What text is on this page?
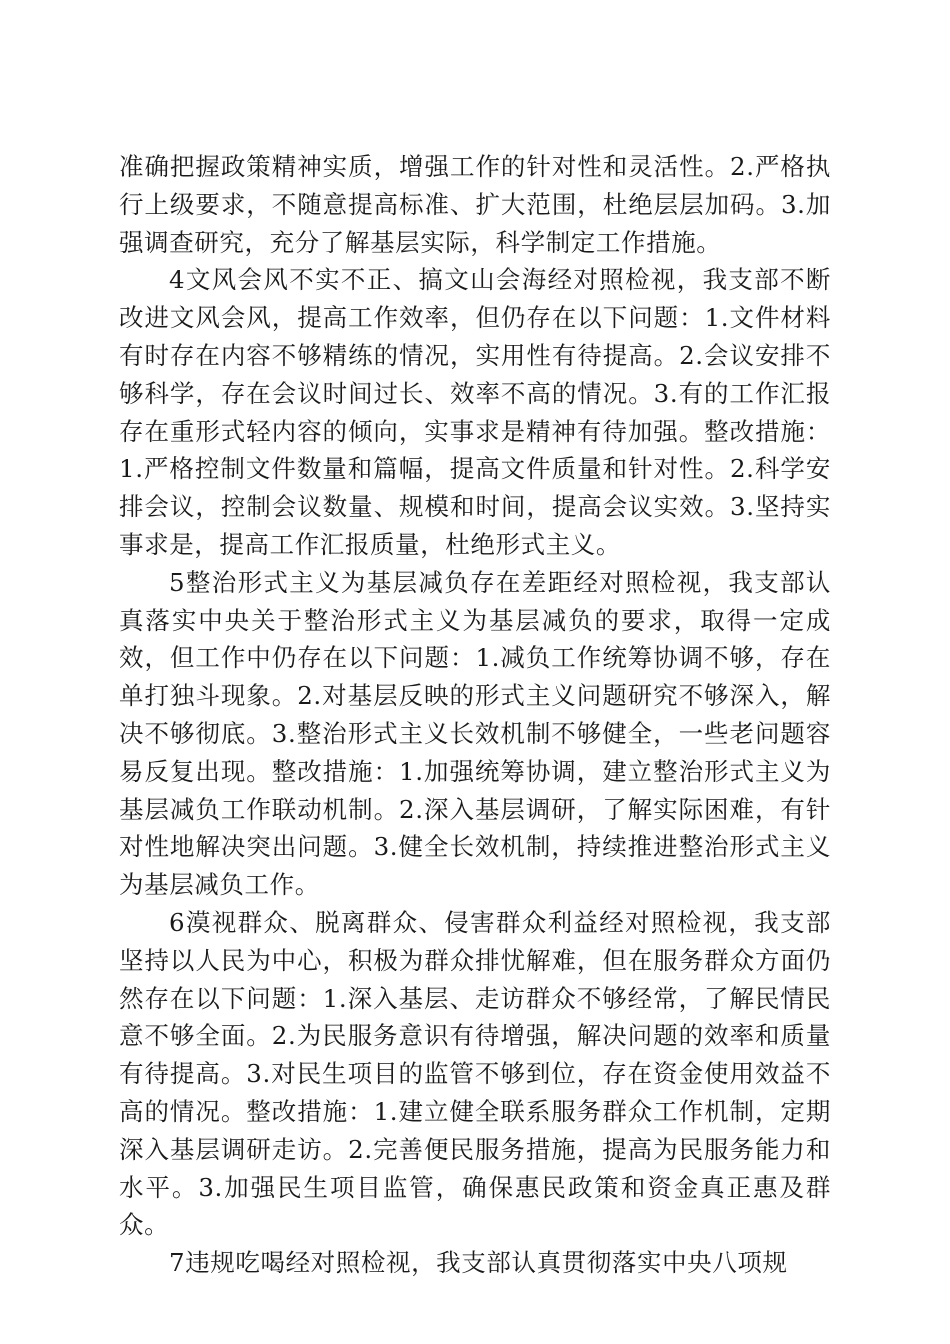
准确把握政策精神实质，增强工作的针对性和灵活性。2.严格执行上级要求，不随意提高标准、扩大范围，杜绝层层加码。3.加强调查研究，充分了解基层实际，科学制定工作措施。

4文风会风不实不正、搞文山会海经对照检视，我支部不断改进文风会风，提高工作效率，但仍存在以下问题：1.文件材料有时存在内容不够精练的情况，实用性有待提高。2.会议安排不够科学，存在会议时间过长、效率不高的情况。3.有的工作汇报存在重形式轻内容的倾向，实事求是精神有待加强。整改措施：1.严格控制文件数量和篇幅，提高文件质量和针对性。2.科学安排会议，控制会议数量、规模和时间，提高会议实效。3.坚持实事求是，提高工作汇报质量，杜绝形式主义。

5整治形式主义为基层减负存在差距经对照检视，我支部认真落实中央关于整治形式主义为基层减负的要求，取得一定成效，但工作中仍存在以下问题：1.减负工作统筹协调不够，存在单打独斗现象。2.对基层反映的形式主义问题研究不够深入，解决不够彻底。3.整治形式主义长效机制不够健全，一些老问题容易反复出现。整改措施：1.加强统筹协调，建立整治形式主义为基层减负工作联动机制。2.深入基层调研，了解实际困难，有针对性地解决突出问题。3.健全长效机制，持续推进整治形式主义为基层减负工作。

6漠视群众、脱离群众、侵害群众利益经对照检视，我支部坚持以人民为中心，积极为群众排忧解难，但在服务群众方面仍然存在以下问题：1.深入基层、走访群众不够经常，了解民情民意不够全面。2.为民服务意识有待增强，解决问题的效率和质量有待提高。3.对民生项目的监管不够到位，存在资金使用效益不高的情况。整改措施：1.建立健全联系服务群众工作机制，定期深入基层调研走访。2.完善便民服务措施，提高为民服务能力和水平。3.加强民生项目监管，确保惠民政策和资金真正惠及群众。

7违规吃喝经对照检视，我支部认真贯彻落实中央八项规
